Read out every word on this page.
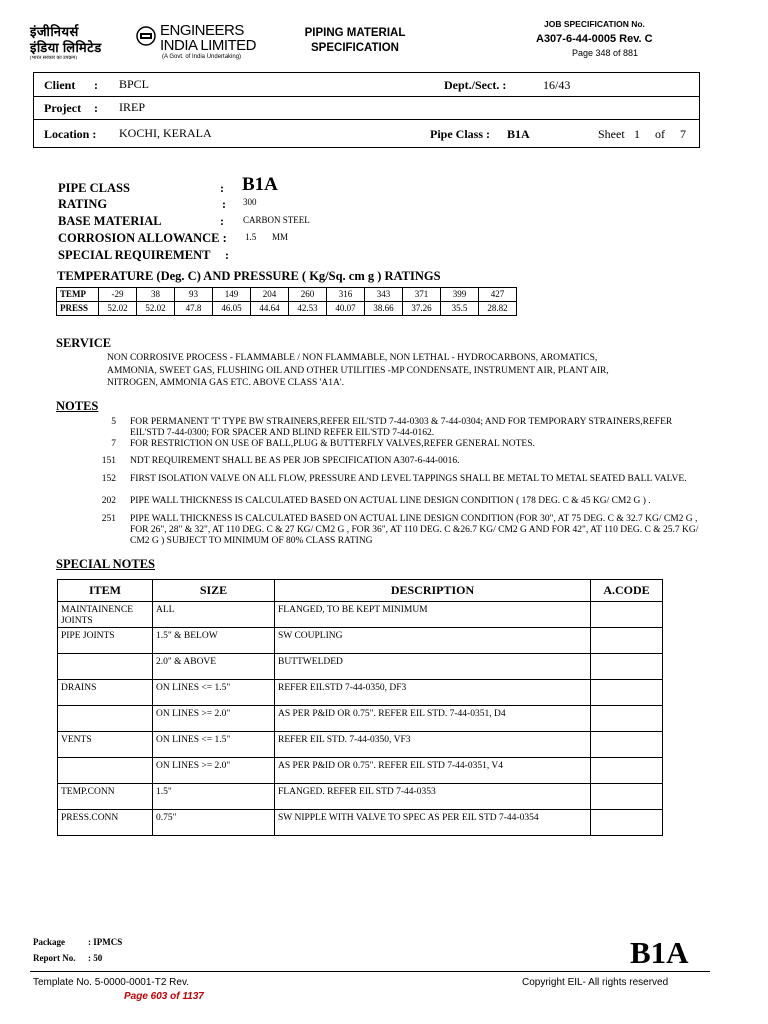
इंजीनियर्स
इंडिया लिमिटेड
ENGINEERS
INDIA LIMITED
(भारत सरकार का उपक्रम)	(A Govt. of India Undertaking)
PIPING MATERIAL
SPECIFICATION
JOB SPECIFICATION No.
A307-6-44-0005 Rev. C
Page 348 of 881
Client : BPCL	Dept./Sect. :	16/43
Project : IREP
Location : KOCHI, KERALA	Pipe Class : B1A	Sheet 1 of 7
PIPE CLASS	: B1A
RATING	: 300
BASE MATERIAL	: CARBON STEEL
CORROSION ALLOWANCE : 1.5 MM
SPECIAL REQUIREMENT :
TEMPERATURE (Deg. C) AND PRESSURE ( Kg/Sq. cm g ) RATINGS
TEMP	-29	38	93	149	204	260	316	343	371	399	427
PRESS	52.02	52.02	47.8	46.05	44.64	42.53	40.07	38.66	37.26	35.5	28.82
SERVICE
NON CORROSIVE PROCESS - FLAMMABLE / NON FLAMMABLE, NON LETHAL - HYDROCARBONS, AROMATICS,
AMMONIA, SWEET GAS, FLUSHING OIL AND OTHER UTILITIES -MP CONDENSATE, INSTRUMENT AIR, PLANT AIR,
NITROGEN, AMMONIA GAS ETC. ABOVE CLASS 'A1A'.
NOTES
5 FOR PERMANENT 'T' TYPE BW STRAINERS,REFER EIL'STD 7-44-0303 & 7-44-0304; AND FOR TEMPORARY STRAINERS,REFER EIL'STD 7-44-0300; FOR SPACER AND BLIND REFER EIL'STD 7-44-0162.
7 FOR RESTRICTION ON USE OF BALL,PLUG & BUTTERFLY VALVES,REFER GENERAL NOTES.
151 NDT REQUIREMENT SHALL BE AS PER JOB SPECIFICATION A307-6-44-0016.
152 FIRST ISOLATION VALVE ON ALL FLOW, PRESSURE AND LEVEL TAPPINGS SHALL BE METAL TO METAL SEATED BALL VALVE.
202 PIPE WALL THICKNESS IS CALCULATED BASED ON ACTUAL LINE DESIGN CONDITION ( 178 DEG. C & 45 KG/ CM2 G ) .
251 PIPE WALL THICKNESS IS CALCULATED BASED ON ACTUAL LINE DESIGN CONDITION (FOR 30", AT 75 DEG. C & 32.7 KG/ CM2 G , FOR 26", 28" & 32", AT 110 DEG. C & 27 KG/ CM2 G , FOR 36", AT 110 DEG. C &26.7 KG/ CM2 G AND FOR 42", AT 110 DEG. C & 25.7 KG/ CM2 G ) SUBJECT TO MINIMUM OF 80% CLASS RATING
SPECIAL NOTES
ITEM	SIZE	DESCRIPTION	A.CODE
MAINTAINENCE JOINTS	ALL	FLANGED, TO BE KEPT MINIMUM	
PIPE JOINTS	1.5" & BELOW	SW COUPLING	
	2.0" & ABOVE	BUTTWELDED	
DRAINS	ON LINES <= 1.5"	REFER EILSTD 7-44-0350, DF3	
	ON LINES >= 2.0"	AS PER P&ID OR 0.75". REFER EIL STD. 7-44-0351, D4	
VENTS	ON LINES <= 1.5"	REFER EIL STD. 7-44-0350, VF3	
	ON LINES >= 2.0"	AS PER P&ID OR 0.75". REFER EIL STD 7-44-0351, V4	
TEMP.CONN	1.5"	FLANGED. REFER EIL STD 7-44-0353	
PRESS.CONN	0.75"	SW NIPPLE WITH VALVE TO SPEC AS PER EIL STD 7-44-0354	
Package	: IPMCS
Report No. : 50	B1A
Template No. 5-0000-0001-T2 Rev.	Copyright EIL- All rights reserved
Page 603 of 1137
